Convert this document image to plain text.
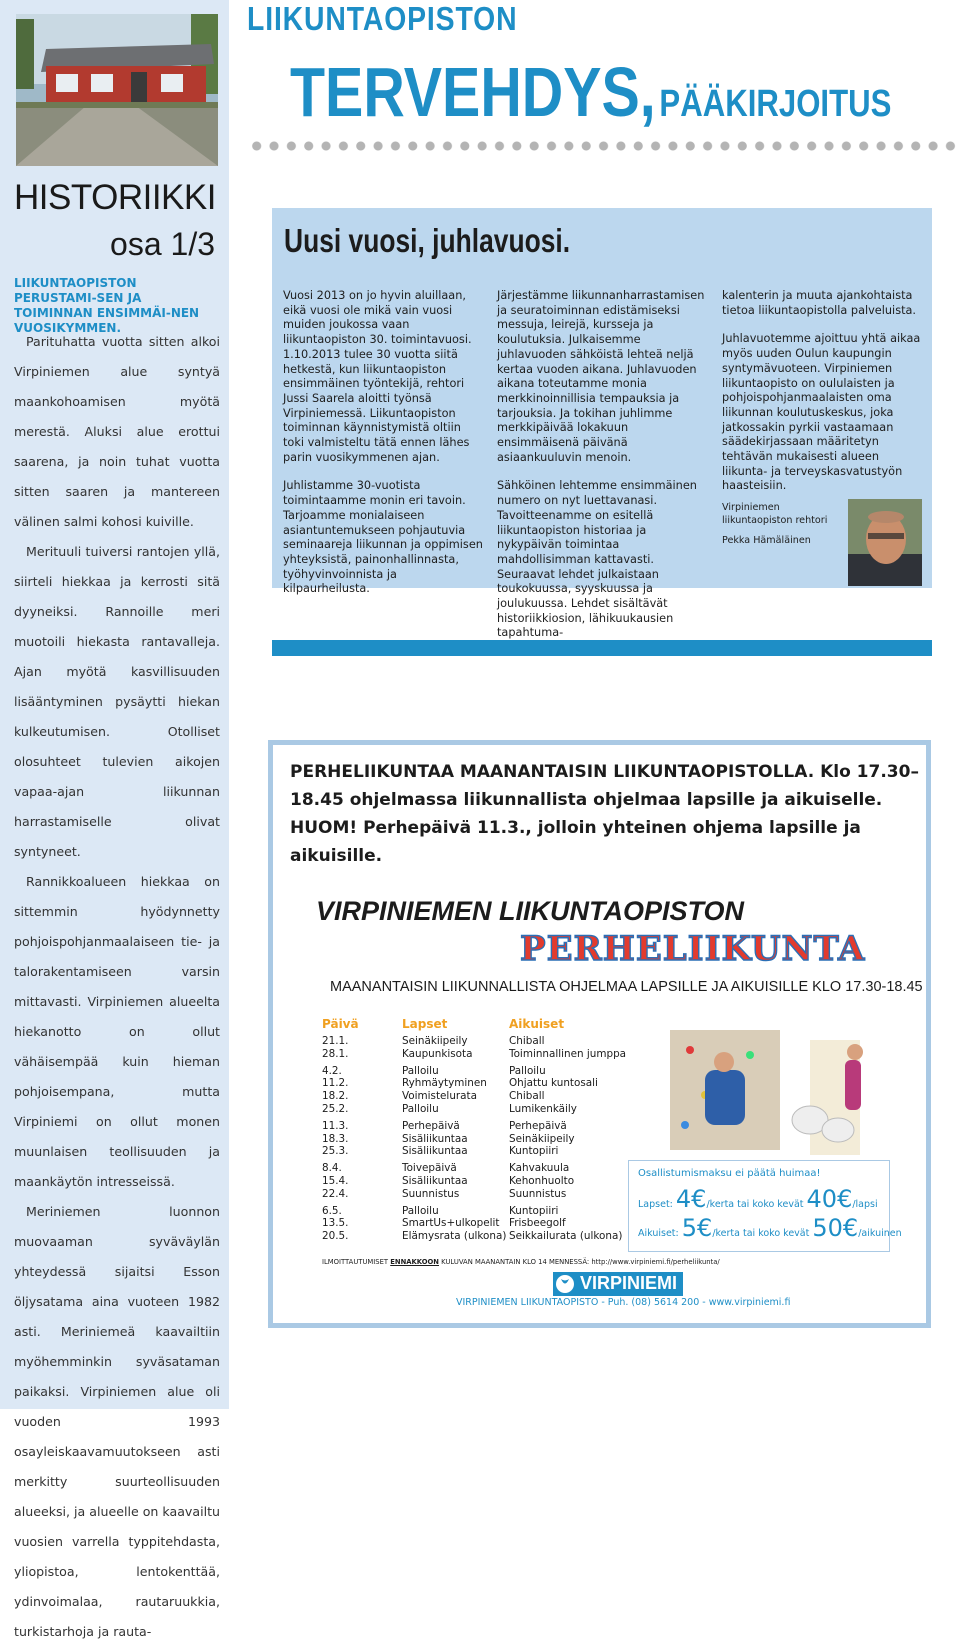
HISTORIIKKI
osa 1/3
LIIKUNTAOPISTON PERUSTAMI-SEN JA TOIMINNAN ENSIMMÄI-NEN VUOSIKYMMEN.

Parituhatta vuotta sitten alkoi Virpiniemen alue syntyä maankohoamisen myötä merestä. Aluksi alue erottui saarena, ja noin tuhat vuotta sitten saaren ja mantereen välinen salmi kohosi kuiville.

Merituuli tuiversi rantojen yllä, siirteli hiekkaa ja kerrosti sitä dyyneiksi. Rannoille meri muotoili hiekasta rantavalleja. Ajan myötä kasvillisuuden lisääntyminen pysäytti hiekan kulkeutumisen. Otolliset olosuhteet tulevien aikojen vapaa-ajan liikunnan harrastamiselle olivat syntyneet.

Rannikkoalueen hiekkaa on sittemmin hyödynnetty pohjoispohjanmaalaiseen tie- ja talorakentamiseen varsin mittavasti. Virpiniemen alueelta hiekanotto on ollut vähäisempää kuin hieman pohjoisempana, mutta Virpiniemi on ollut monen muunlaisen teollisuuden ja maankäytön intresseissä.

Meriniemen luonnon muovaaman syväväylän yhteydessä sijaitsi Esson öljysatama aina vuoteen 1982 asti. Meriniemeä kaavailtiin myöhemminkin syväsataman paikaksi. Virpiniemen alue oli vuoden 1993 osayleiskaavamuutokseen asti merkitty suurteollisuuden alueeksi, ja alueelle on kaavailtu vuosien varrella typpitehdasta, yliopistoa, lentokenttää, ydinvoimalaa, rautaruukkia, turkistarhoja ja rauta-

LIIKUNTAOPISTON
TERVEHDYS, PÄÄKIRJOITUS
Uusi vuosi, juhlavuosi.

Vuosi 2013 on jo hyvin aluillaan, eikä vuosi ole mikä vain vuosi muiden joukossa vaan liikuntaopiston 30. toimintavuosi. 1.10.2013 tulee 30 vuotta siitä hetkestä, kun liikuntaopiston ensimmäinen työntekijä, rehtori Jussi Saarela aloitti työnsä Virpiniemessä. Liikuntaopiston toiminnan käynnistymistä oltiin toki valmisteltu tätä ennen lähes parin vuosikymmenen ajan.

Juhlistamme 30-vuotista toimintaamme monin eri tavoin. Tarjoamme monialaiseen asiantuntemukseen pohjautuvia seminaareja liikunnan ja oppimisen yhteyksistä, painonhallinnasta, työhyvinvoinnista ja kilpaurheilusta.

Järjestämme liikunnanharrastamisen ja seuratoiminnan edistämiseksi messuja, leirejä, kursseja ja koulutuksia. Julkaisemme juhlavuoden sähköistä lehteä neljä kertaa vuoden aikana. Juhlavuoden aikana toteutamme monia merkkinoinnillisia tempauksia ja tarjouksia. Ja tokihan juhlimme merkkipäivää lokakuun ensimmäisenä päivänä asiaankuuluvin menoin.

Sähköinen lehtemme ensimmäinen numero on nyt luettavanasi. Tavoitteenamme on esitellä liikuntaopiston historiaa ja nykypäivän toimintaa mahdollisimman kattavasti. Seuraavat lehdet julkaistaan toukokuussa, syyskuussa ja joulukuussa. Lehdet sisältävät historiikkiosion, lähikuukausien tapahtuma-

kalenterin ja muuta ajankohtaista tietoa liikuntaopistolla palveluista.

Juhlavuotemme ajoittuu yhtä aikaa myös uuden Oulun kaupungin syntymävuoteen. Virpiniemen liikuntaopisto on oululaisten ja pohjoispohjanmaalaisten oma liikunnan koulutuskeskus, joka jatkossakin pyrkii vastaamaan säädekirjassaan määritetyn tehtävän mukaisesti alueen liikunta- ja terveyskasvatustyön haasteisiin.

Virpiniemen liikuntaopiston rehtori
Pekka Hämäläinen
PERHELIIKUNTAA MAANANTAISIN LIIKUNTAOPISTOLLA. Klo 17.30–18.45 ohjelmassa liikunnallista ohjelmaa lapsille ja aikuiselle. HUOM! Perhepäivä 11.3., jolloin yhteinen ohjema lapsille ja aikuisille.
VIRPINIEMEN LIIKUNTAOPISTON
PERHELIIKUNTA
MAANANTAISIN LIIKUNNALLISTA OHJELMAA LAPSILLE JA AIKUISILLE KLO 17.30-18.45
Päivä	Lapset	Aikuiset
21.1.
28.1.
4.2.
11.2.
18.2.
25.2.
11.3.
18.3.
25.3.
8.4.
15.4.
22.4.
6.5.
13.5.
20.5.
Seinäkiipeily
Kaupunkisota
Palloilu
Ryhmäytyminen
Voimistelurata
Palloilu
Perhepäivä
Sisäliikuntaa
Sisäliikuntaa
Toivepäivä
Sisäliikuntaa
Suunnistus
Palloilu
SmartUs+ulkopelit
Elämysrata (ulkona)
Chiball
Toiminnallinen jumppa
Palloilu
Ohjattu kuntosali
Chiball
Lumikenkäily
Perhepäivä
Seinäkiipeily
Kuntopiiri
Kahvakuula
Kehonhuolto
Suunnistus
Kuntopiiri
Frisbeegolf
Seikkailurata (ulkona)
Osallistumismaksu ei päätä huimaa!
Lapset: 4€/kerta tai koko kevät 40€/lapsi
Aikuiset: 5€/kerta tai koko kevät 50€/aikuinen
ILMOITTAUTUMISET ENNAKKOON KULUVAN MAANANTAIN KLO 14 MENNESSÄ: http://www.virpiniemi.fi/perheliikunta/
VIRPINIEMI
VIRPINIEMEN LIIKUNTAOPISTO - Puh. (08) 5614 200 - www.virpiniemi.fi
